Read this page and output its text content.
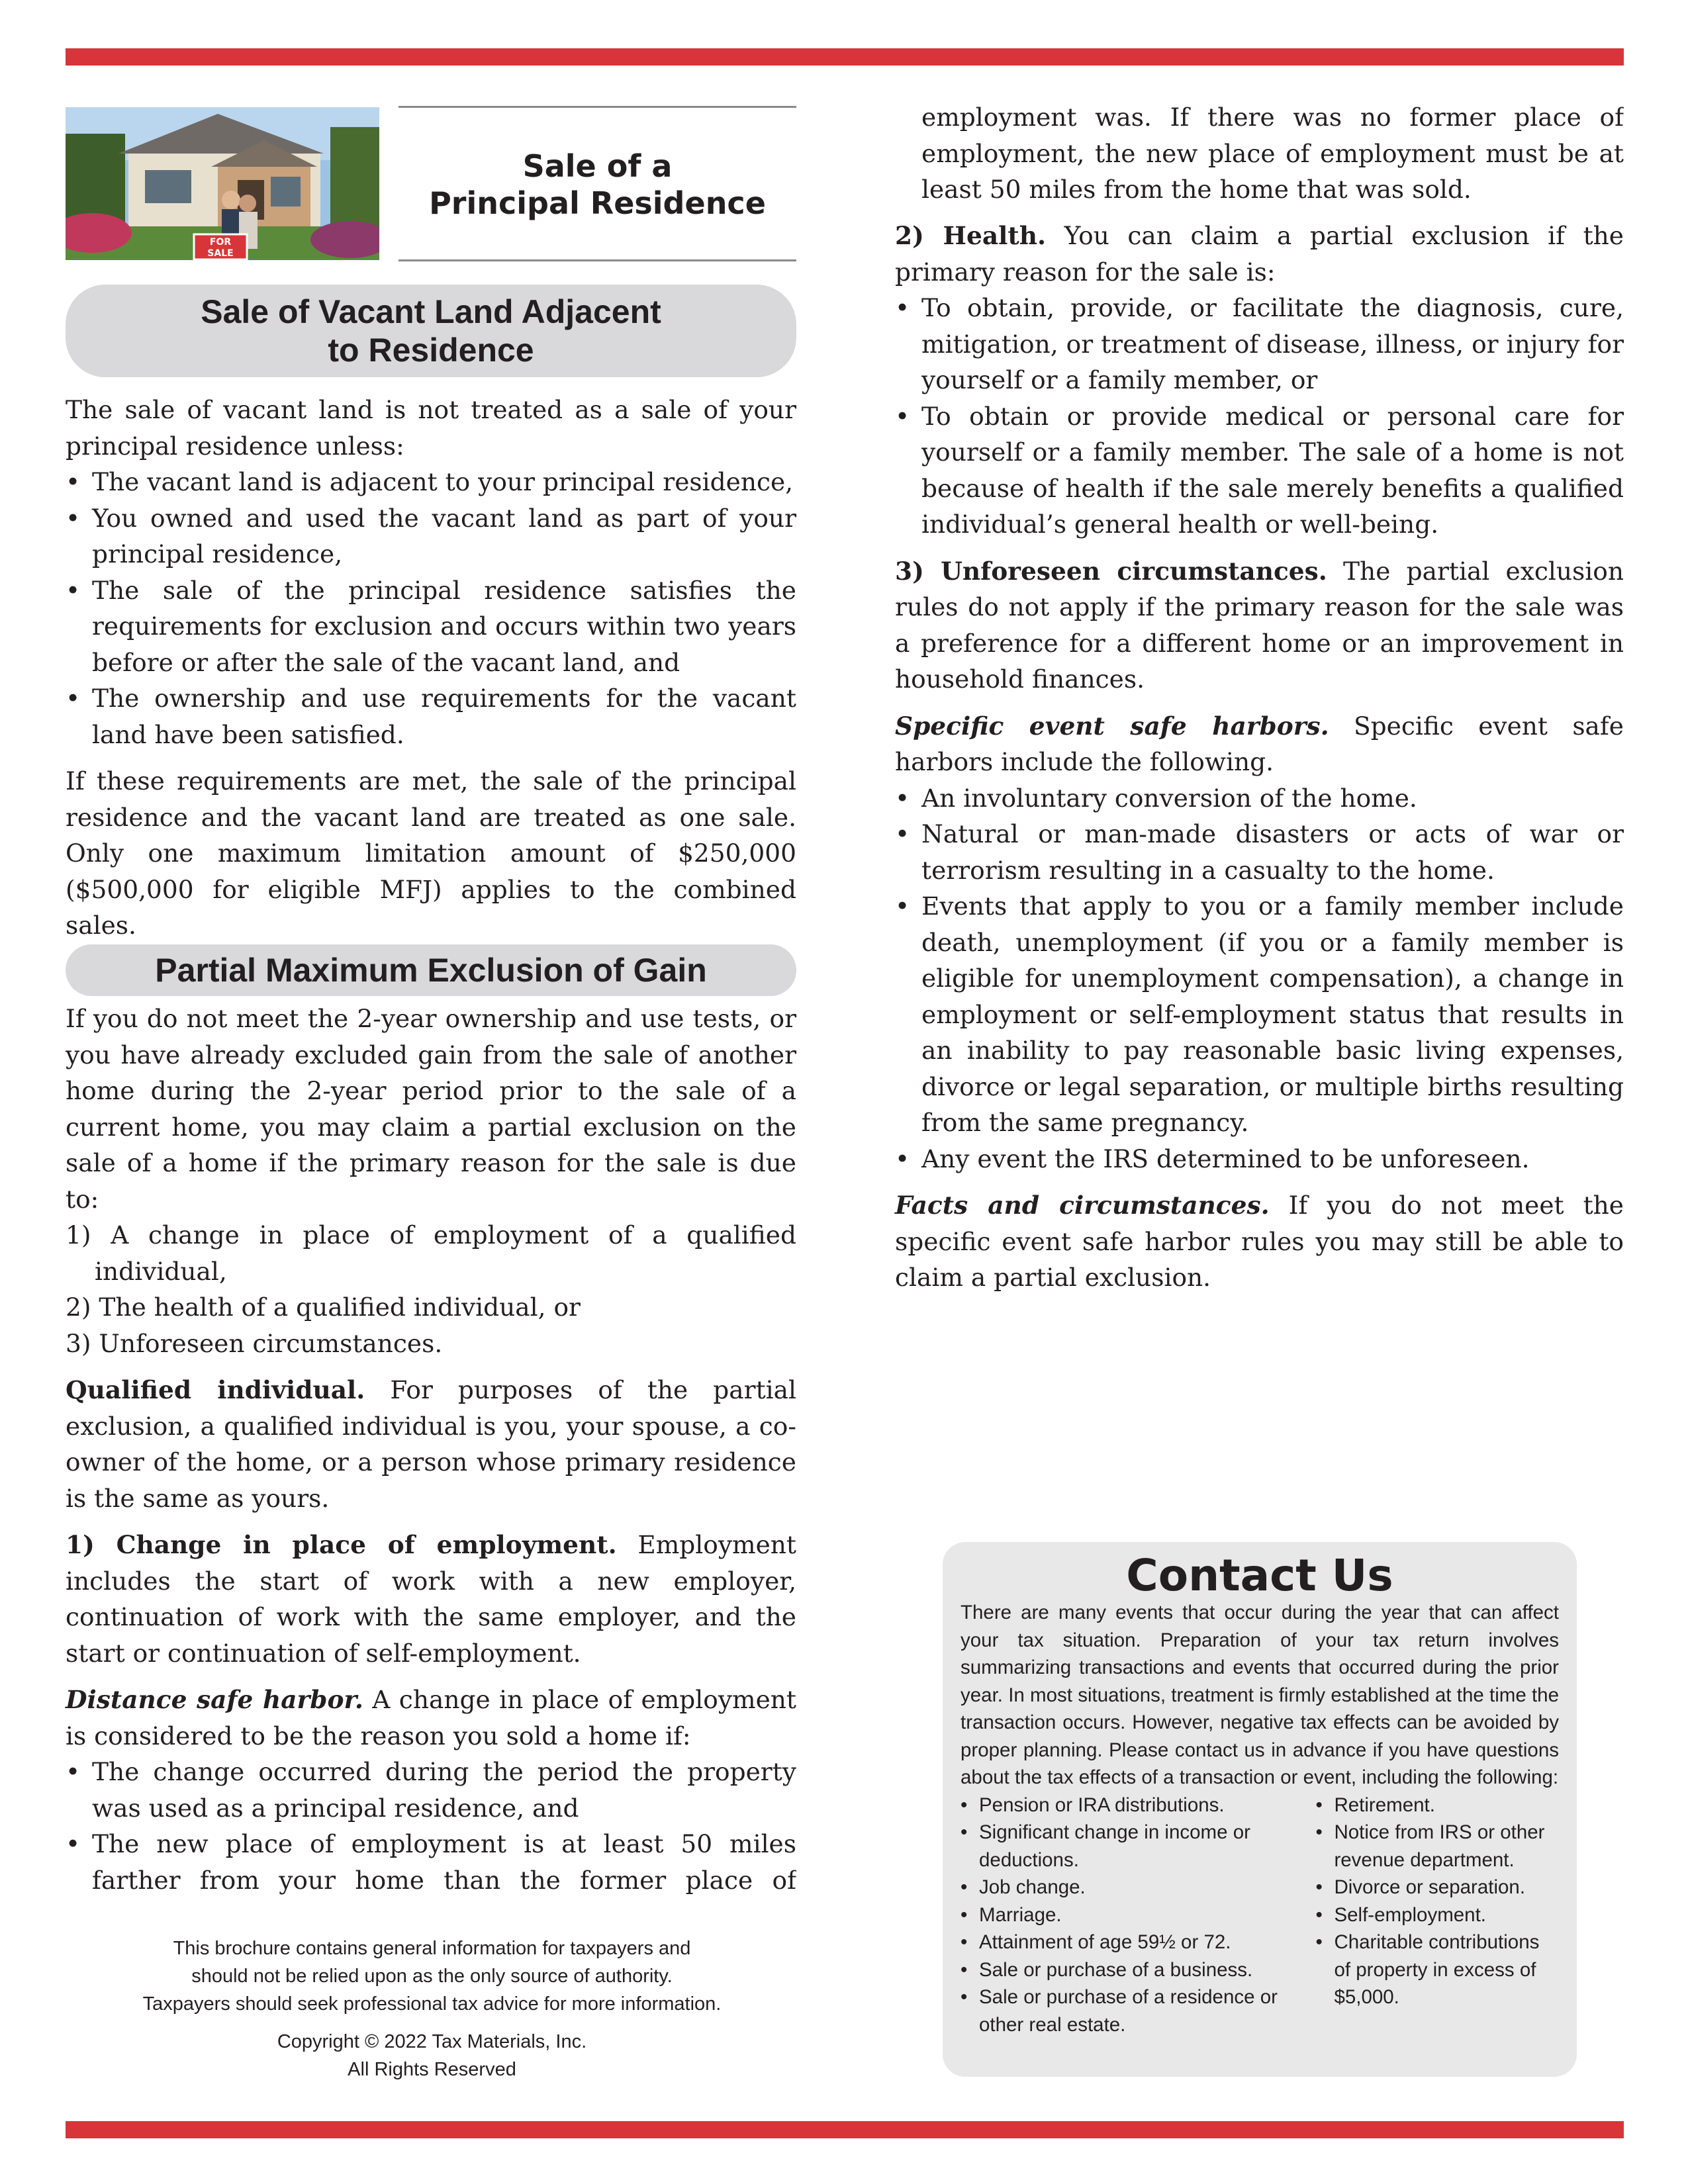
FOR
SALE
Sale of a
Principal Residence
Sale of Vacant Land Adjacent
to Residence

The sale of vacant land is not treated as a sale of your principal residence unless:

• The vacant land is adjacent to your principal residence,
• You owned and used the vacant land as part of your principal residence,
• The sale of the principal residence satisfies the requirements for exclusion and occurs within two years before or after the sale of the vacant land, and
• The ownership and use requirements for the vacant land have been satisfied.

If these requirements are met, the sale of the principal residence and the vacant land are treated as one sale. Only one maximum limitation amount of $250,000 ($500,000 for eligible MFJ) applies to the combined sales.

Partial Maximum Exclusion of Gain

If you do not meet the 2-year ownership and use tests, or you have already excluded gain from the sale of another home during the 2-year period prior to the sale of a current home, you may claim a partial exclusion on the sale of a home if the primary reason for the sale is due to:

1) A change in place of employment of a qualified individual,
2) The health of a qualified individual, or
3) Unforeseen circumstances.

Qualified individual. For purposes of the partial exclusion, a qualified individual is you, your spouse, a co-owner of the home, or a person whose primary residence is the same as yours.

1) Change in place of employment. Employment includes the start of work with a new employer, continuation of work with the same employer, and the start or continuation of self-employment.

Distance safe harbor. A change in place of employment is considered to be the reason you sold a home if:

• The change occurred during the period the property was used as a principal residence, and
• The new place of employment is at least 50 miles farther from your home than the former place of
employment was. If there was no former place of employment, the new place of employment must be at least 50 miles from the home that was sold.

2) Health. You can claim a partial exclusion if the primary reason for the sale is:

• To obtain, provide, or facilitate the diagnosis, cure, mitigation, or treatment of disease, illness, or injury for yourself or a family member, or
• To obtain or provide medical or personal care for yourself or a family member. The sale of a home is not because of health if the sale merely benefits a qualified individual’s general health or well-being.

3) Unforeseen circumstances. The partial exclusion rules do not apply if the primary reason for the sale was a preference for a different home or an improvement in household finances.

Specific event safe harbors. Specific event safe harbors include the following.

• An involuntary conversion of the home.
• Natural or man-made disasters or acts of war or terrorism resulting in a casualty to the home.
• Events that apply to you or a family member include death, unemployment (if you or a family member is eligible for unemployment compensation), a change in employment or self-employment status that results in an inability to pay reasonable basic living expenses, divorce or legal separation, or multiple births resulting from the same pregnancy.
• Any event the IRS determined to be unforeseen.

Facts and circumstances. If you do not meet the specific event safe harbor rules you may still be able to claim a partial exclusion.

This brochure contains general information for taxpayers and
should not be relied upon as the only source of authority.
Taxpayers should seek professional tax advice for more information.
Copyright © 2022 Tax Materials, Inc.
All Rights Reserved
Contact Us
There are many events that occur during the year that can affect your tax situation. Preparation of your tax return involves summarizing transactions and events that occurred during the prior year. In most situations, treatment is firmly established at the time the transaction occurs. However, negative tax effects can be avoided by proper planning. Please contact us in advance if you have questions about the tax effects of a transaction or event, including the following:
• Pension or IRA distributions.
• Significant change in income or deductions.
• Job change.
• Marriage.
• Attainment of age 59½ or 72.
• Sale or purchase of a business.
• Sale or purchase of a residence or other real estate.
• Retirement.
• Notice from IRS or other revenue department.
• Divorce or separation.
• Self-employment.
• Charitable contributions of property in excess of $5,000.
